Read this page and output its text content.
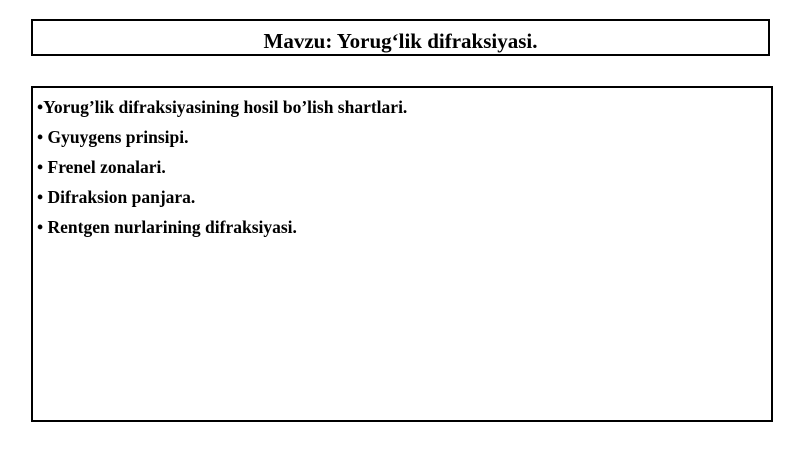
Mavzu: Yorug‘lik difraksiyasi.
•Yorug’lik difraksiyasining hosil bo’lish shartlari.
• Gyuygens prinsipi.
• Frenel zonalari.
• Difraksion panjara.
• Rentgen nurlarining difraksiyasi.
